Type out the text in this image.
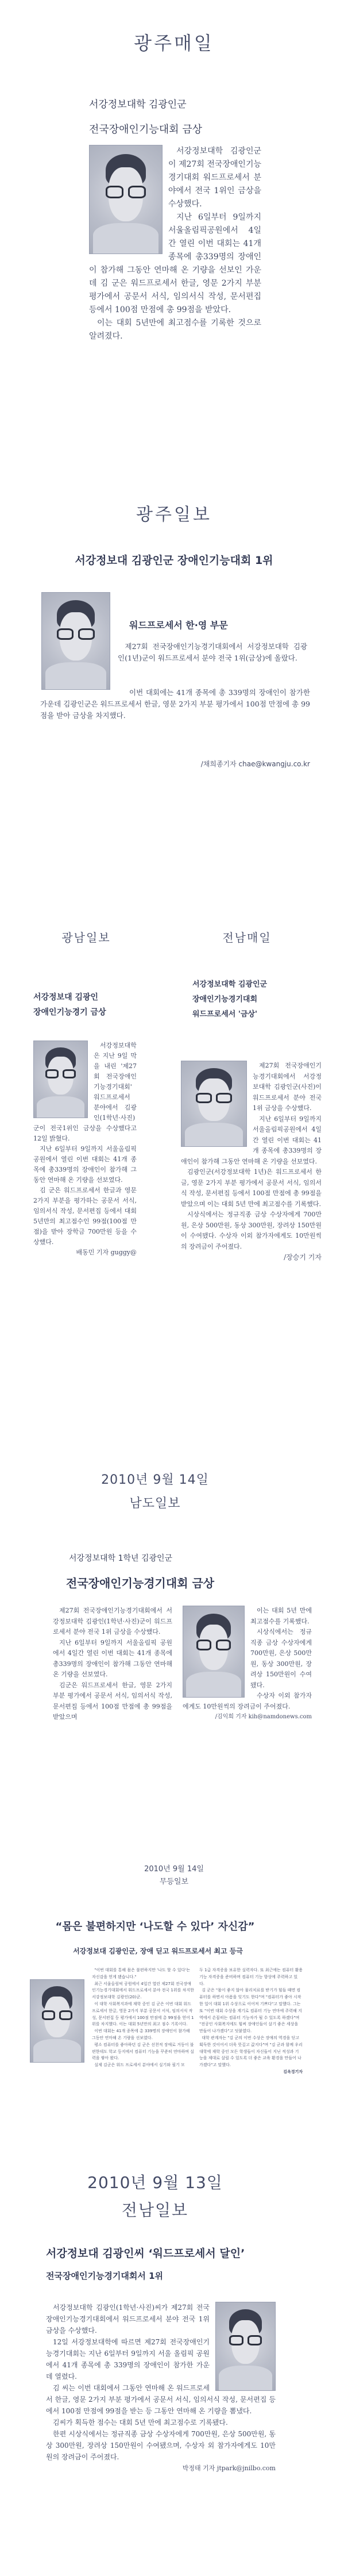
광주매일
서강정보대학 김광인군
전국장애인기능대회 금상

서강정보대학 김광인군이 제27회 전국장애인기능경기대회 워드프로세서 분야에서 전국 1위인 금상을 수상했다.

지난 6일부터 9일까지 서울올림픽공원에서 4일간 열린 이번 대회는 41개 종목에 총339명의 장애인이 참가해 그동안 연마해 온 기량을 선보인 가운데 김 군은 워드프로세서 한글, 영문 2가지 부분 평가에서 공문서 서식, 임의서식 작성, 문서편집 등에서 100점 만점에 총 99점을 받았다.

이는 대회 5년만에 최고점수를 기록한 것으로 알려졌다.

광주일보
서강정보대 김광인군 장애인기능대회 1위
워드프로세서 한·영 부문

제27회 전국장애인기능경기대회에서 서강정보대학 김광인(1년)군이 워드프로세서 분야 전국 1위(금상)에 올랐다.

이번 대회에는 41개 종목에 총 339명의 장애인이 참가한 가운데 김광인군은 워드프로세서 한글, 영문 2가지 부분 평가에서 100점 만점에 총 99점을 받아 금상을 차지했다.

/채희종기자 chae@kwangju.co.kr
광남일보
서강정보대 김광인
장애인기능경기 금상

서강정보대학은 지난 9일 막을 내린 '제27회 전국장애인기능경기대회' 워드프로세서 분야에서 김광인(1학년·사진)군이 전국1위인 금상을 수상했다고 12일 밝혔다.

지난 6일부터 9일까지 서울올림픽 공원에서 열린 이번 대회는 41개 종목에 총339명의 장애인이 참가해 그동안 연마해 온 기량을 선보였다.

김 군은 워드프로세서 한글과 영문 2가지 부분을 평가하는 공문서 서식, 임의서식 작성, 문서편집 등에서 대회 5년만의 최고점수인 99점(100점 만점)을 받아 장학금 700만원 등을 수상했다.

배동민 기자 guggy@
전남매일
서강정보대학 김광인군
장애인기능경기대회
워드프로세서 '금상'

제27회 전국장애인기능경기대회에서 서강정보대학 김광인군(사진)이 워드프로세서 분야 전국 1위 금상을 수상했다.

지난 6일부터 9일까지 서울올림픽공원에서 4일간 열린 이번 대회는 41개 종목에 총339명의 장애인이 참가해 그동안 연마해 온 기량을 선보였다.

김광인군(서강정보대학 1년)은 워드프로세서 한글, 영문 2가지 부분 평가에서 공문서 서식, 임의서식 작성, 문서편집 등에서 100점 만점에 총 99점을 받았으며 이는 대회 5년 만에 최고점수를 기록했다.

시상식에서는 정규직종 금상 수상자에게 700만원, 은상 500만원, 동상 300만원, 장려상 150만원이 수여됐다. 수상자 이외 참가자에게도 10만원씩의 장려금이 주어졌다.

/장승기 기자
2010년 9월 14일
남도일보
서강정보대학 1학년 김광인군
전국장애인기능경기대회 금상

제27회 전국장애인기능경기대회에서 서강정보대학 김광인(1학년·사진)군이 워드프로세서 분야 전국 1위 금상을 수상했다.

지난 6일부터 9일까지 서울올림픽 공원에서 4일간 열린 이번 대회는 41개 종목에 총339명의 장애인이 참가해 그동안 연마해 온 기량을 선보였다.

김군은 워드프로세서 한글, 영문 2가지 부분 평가에서 공문서 서식, 임의서식 작성, 문서편집 등에서 100점 만점에 총 99점을 받았으며

이는 대회 5년 만에 최고점수를 기록했다.

시상식에서는 정규직종 금상 수상자에게 700만원, 은상 500만원, 동상 300만원, 장려상 150만원이 수여됐다.

수상자 이외 참가자에게도 10만원씩의 장려금이 주어졌다.

/김익희 기자 kih@namdonews.com
2010년 9월 14일
무등일보
“몸은 불편하지만 ‘나도할 수 있다’ 자신감”
서강정보대 김광인군, 장애 딛고 워드프로세서 최고 등극

"이번 대회를 통해 몸은 불편하지만 '나도 할 수 있다'는 자신감을 얻게 됐습니다."

최근 서울올림픽 공원에서 4일간 열린 제27회 전국장애인기능경기대회에서 워드프로세서 분야 전국 1위를 차지한 서강정보대학 김광인(20)군.

이 대학 사회복지과에 재학 중인 김 군은 이번 대회 워드프로세서 한글, 영문 2가지 부분 공문서 서식, 임의서식 작성, 문서편집 등 평가에서 100점 만점에 총 99점을 얻어 1위를 차지했다. 이는 대회 5년만의 최고 점수 기록이다.

이번 대회는 41개 종목에 총 339명의 장애인이 참가해 그동안 연마해 온 기량을 선보였다.

평소 컴퓨터를 좋아하던 김 군은 선천적 장애로 거동이 불편한데도 학교 등지에서 컴퓨터 기능을 꾸준히 연마하며 실력을 쌓아 왔다.

실제 김군은 워드 프로세서 분야에서 실기와 필기 모

두 1급 자격증을 보유한 실력자다. 또 최근에는 컴퓨터 활용 기능 자격증을 준비하며 컴퓨터 기능 향상에 주력하고 있다.

김 군은 "몸이 좋지 않아 물리치료를 받기가 힘들 때면 컴퓨터를 하면서 아픔을 잊기도 한다"며 "컴퓨터가 좋아 시작한 일이 대회 1위 수상으로 이어져 기쁘다"고 말했다. 그는 또 "이번 대회 수상을 계기로 컴퓨터 기능 연마에 주력해 지역에서 손꼽히는 컴퓨터 기능자가 될 수 있도록 하겠다"며 "전공인 사회복지에도 힘써 장애인들이 살기 좋은 세상을 만들어 나가겠다"고 덧붙였다.

대학 관계자는 "김 군의 이번 수상은 장애의 역경을 딛고 획득한 것이어서 더욱 뜻깊고 값지다"며 "김 군과 함께 우리 대학에 재학 중인 모든 학생들이 자신들이 지닌 적성과 기능을 제대로 살릴 수 있도록 더 좋은 교육 환경을 만들어 나가겠다"고 말했다.

김옥경기자
2010년 9월 13일
전남일보
서강정보대 김광인씨 ‘워드프로세서 달인’
전국장애인기능경기대회서 1위

서강정보대학 김광인(1학년·사진)씨가 제27회 전국장애인기능경기대회에서 워드프로세서 분야 전국 1위 금상을 수상했다.

12일 서강정보대학에 따르면 제27회 전국장애인기능경기대회는 지난 6일부터 9일까지 서울 올림픽 공원에서 41개 종목에 총 339명의 장애인이 참가한 가운데 열렸다.

김 씨는 이번 대회에서 그동안 연마해 온 워드프로세서 한글, 영문 2가지 부분 평가에서 공문서 서식, 임의서식 작성, 문서편집 등에서 100점 만점에 99점을 받는 등 그동안 연마해 온 기량을 뽐냈다.

김씨가 획득한 점수는 대회 5년 만에 최고점수로 기록됐다.

한편 시상식에서는 정규직종 금상 수상자에게 700만원, 은상 500만원, 동상 300만원, 장려상 150만원이 수여됐으며, 수상자 외 참가자에게도 10만원의 장려금이 주어졌다.

박정태 기자 jtpark@jnilbo.com
